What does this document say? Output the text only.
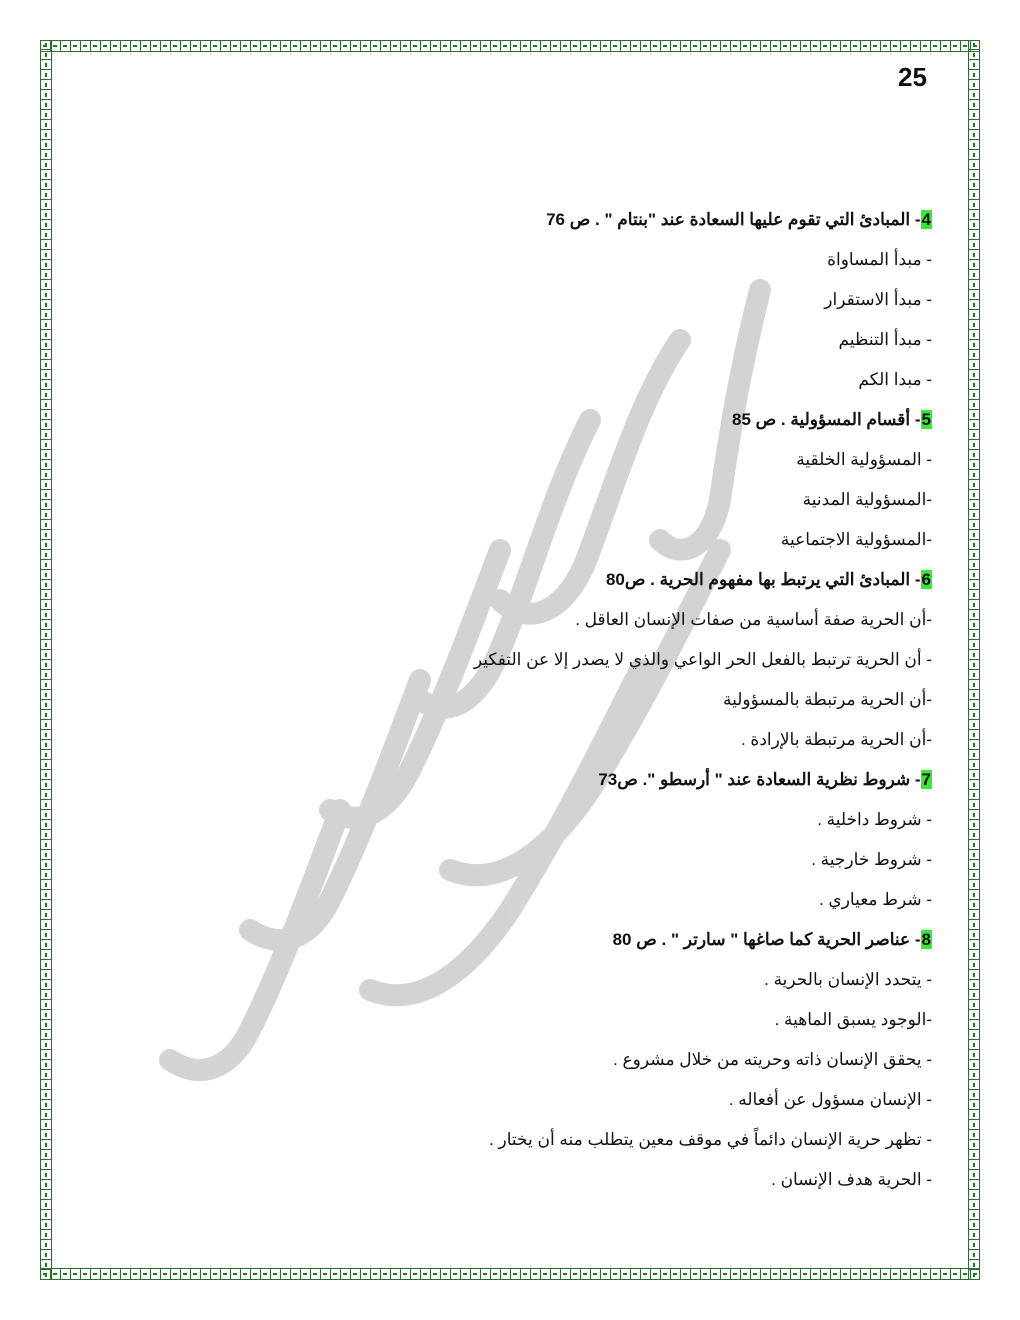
25
4- المبادئ التي تقوم عليها السعادة عند "بنتام " . ص 76
- مبدأ المساواة
- مبدأ الاستقرار
- مبدأ التنظيم
- مبدا الكم
5- أقسام المسؤولية . ص 85
- المسؤولية الخلقية
-المسؤولية المدنية
-المسؤولية الاجتماعية
6- المبادئ التي يرتبط بها مفهوم الحرية . ص80
-أن الحرية صفة أساسية من صفات الإنسان العاقل .
- أن الحرية ترتبط بالفعل الحر الواعي والذي لا يصدر إلا عن التفكير
-أن الحرية مرتبطة بالمسؤولية
-أن الحرية مرتبطة بالإرادة .
7- شروط نظرية السعادة عند " أرسطو ". ص73
- شروط داخلية .
- شروط خارجية .
- شرط معياري .
8- عناصر الحرية كما صاغها " سارتر " . ص 80
- يتحدد الإنسان بالحرية .
-الوجود يسبق الماهية .
- يحقق الإنسان ذاته وحريته من خلال مشروع .
- الإنسان مسؤول عن أفعاله .
- تظهر حرية الإنسان دائماً في موقف معين يتطلب منه أن يختار .
- الحرية هدف الإنسان .
